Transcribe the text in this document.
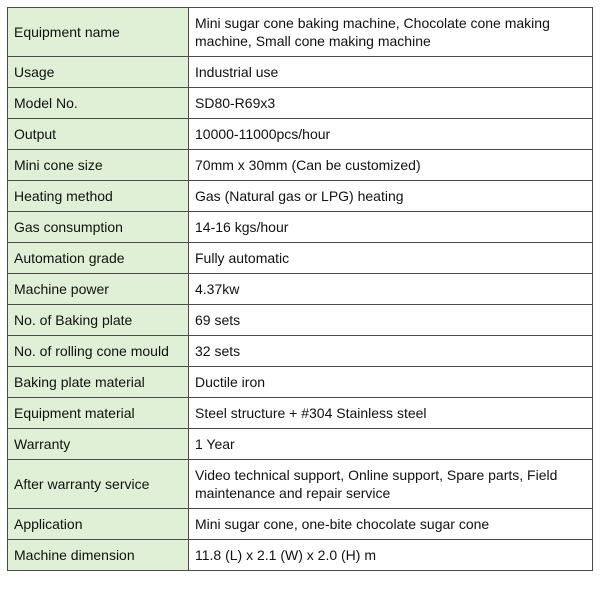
Equipment name	Mini sugar cone baking machine, Chocolate cone making machine, Small cone making machine
Usage	Industrial use
Model No.	SD80-R69x3
Output	10000-11000pcs/hour
Mini cone size	70mm x 30mm (Can be customized)
Heating method	Gas (Natural gas or LPG) heating
Gas consumption	14-16 kgs/hour
Automation grade	Fully automatic
Machine power	4.37kw
No. of Baking plate	69 sets
No. of rolling cone mould	32 sets
Baking plate material	Ductile iron
Equipment material	Steel structure + #304 Stainless steel
Warranty	1 Year
After warranty service	Video technical support, Online support, Spare parts, Field maintenance and repair service
Application	Mini sugar cone, one-bite chocolate sugar cone
Machine dimension	11.8 (L) x 2.1 (W) x 2.0 (H) m
